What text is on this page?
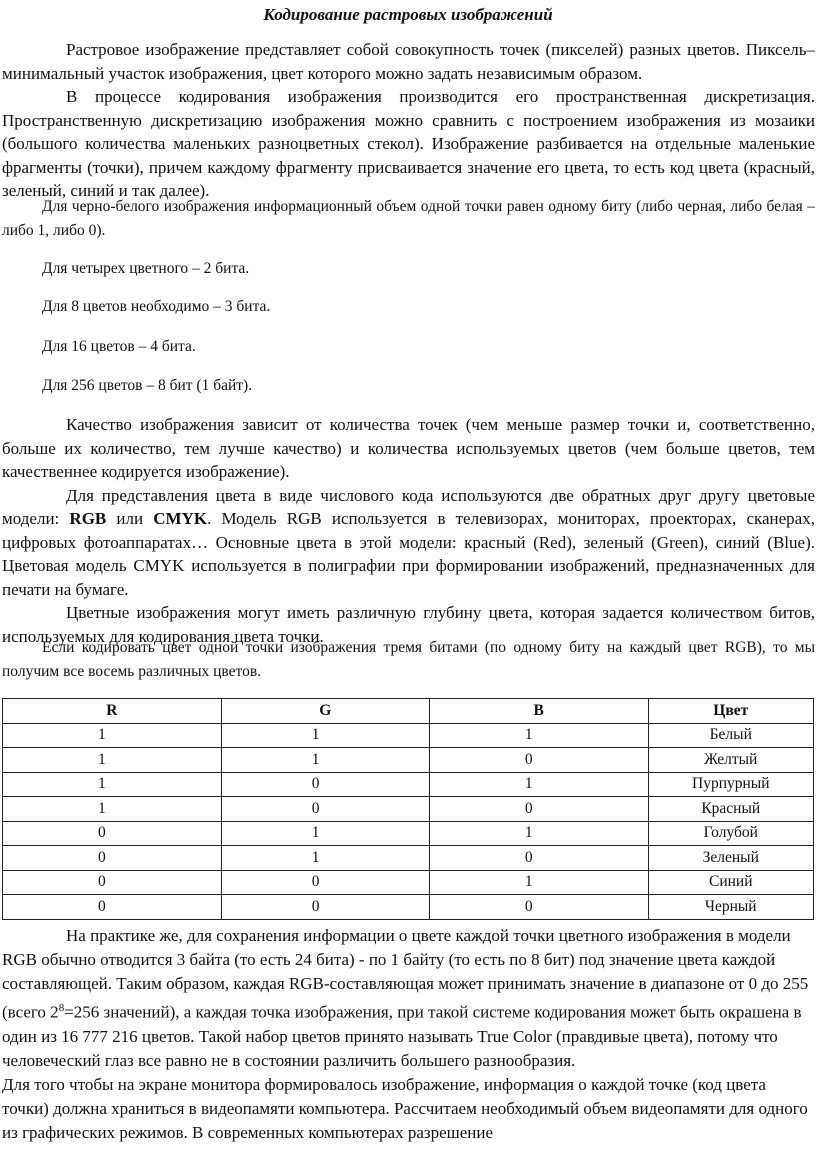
Кодирование растровых изображений

Растровое изображение представляет собой совокупность точек (пикселей) разных цветов. Пиксель– минимальный участок изображения, цвет которого можно задать независимым образом.

В процессе кодирования изображения производится его пространственная дискретизация. Пространственную дискретизацию изображения можно сравнить с построением изображения из мозаики (большого количества маленьких разноцветных стекол). Изображение разбивается на отдельные маленькие фрагменты (точки), причем каждому фрагменту присваивается значение его цвета, то есть код цвета (красный, зеленый, синий и так далее).

Для черно-белого изображения информационный объем одной точки равен одному биту (либо черная, либо белая – либо 1, либо 0).

Для четырех цветного – 2 бита.
Для 8 цветов необходимо – 3 бита.
Для 16 цветов – 4 бита.
Для 256 цветов – 8 бит (1 байт).

Качество изображения зависит от количества точек (чем меньше размер точки и, соответственно, больше их количество, тем лучше качество) и количества используемых цветов (чем больше цветов, тем качественнее кодируется изображение).

Для представления цвета в виде числового кода используются две обратных друг другу цветовые модели: RGB или CMYK. Модель RGB используется в телевизорах, мониторах, проекторах, сканерах, цифровых фотоаппаратах… Основные цвета в этой модели: красный (Red), зеленый (Green), синий (Blue). Цветовая модель CMYK используется в полиграфии при формировании изображений, предназначенных для печати на бумаге.

Цветные изображения могут иметь различную глубину цвета, которая задается количеством битов, используемых для кодирования цвета точки.

Если кодировать цвет одной точки изображения тремя битами (по одному биту на каждый цвет RGB), то мы получим все восемь различных цветов.

R	G	B	Цвет
1	1	1	Белый
1	1	0	Желтый
1	0	1	Пурпурный
1	0	0	Красный
0	1	1	Голубой
0	1	0	Зеленый
0	0	1	Синий
0	0	0	Черный

На практике же, для сохранения информации о цвете каждой точки цветного изображения в модели RGB обычно отводится 3 байта (то есть 24 бита) - по 1 байту (то есть по 8 бит) под значение цвета каждой составляющей. Таким образом, каждая RGB-составляющая может принимать значение в диапазоне от 0 до 255 (всего $2^8=256$ значений), а каждая точка изображения, при такой системе кодирования может быть окрашена в один из 16 777 216 цветов. Такой набор цветов принято называть True Color (правдивые цвета), потому что человеческий глаз все равно не в состоянии различить большего разнообразия.

Для того чтобы на экране монитора формировалось изображение, информация о каждой точке (код цвета точки) должна храниться в видеопамяти компьютера. Рассчитаем необходимый объем видеопамяти для одного из графических режимов. В современных компьютерах разрешение
